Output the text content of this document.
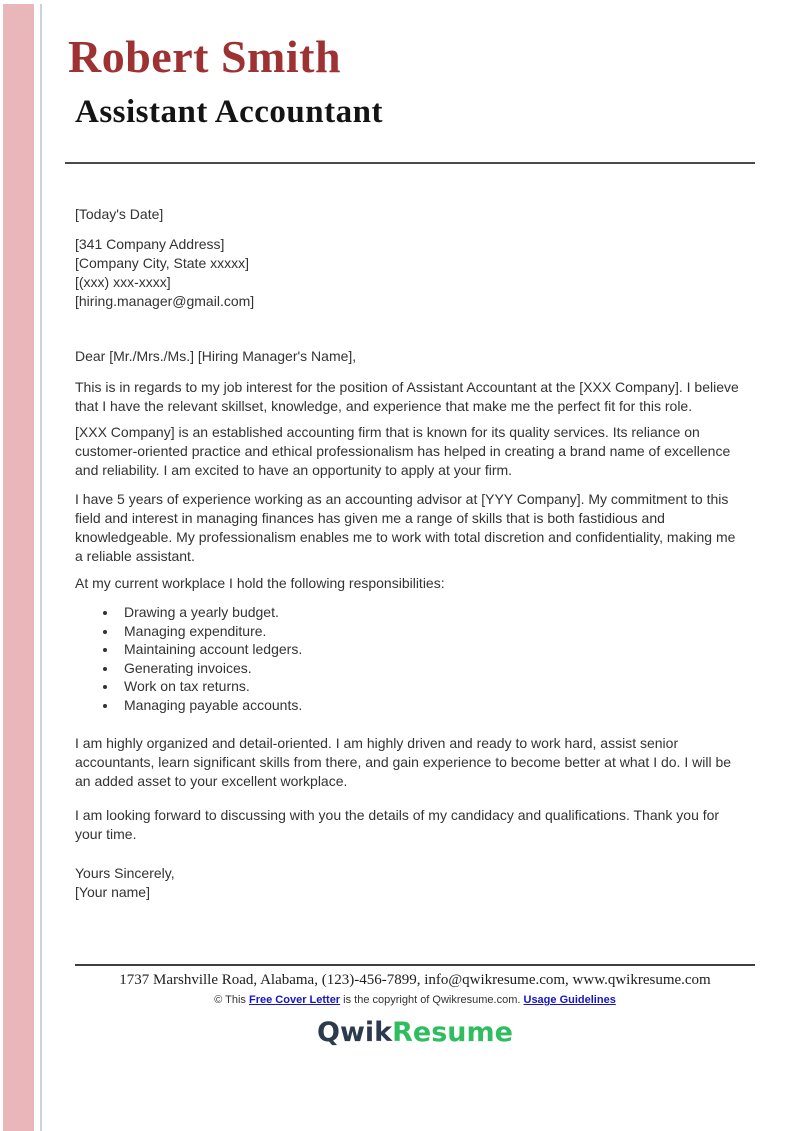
Robert Smith
Assistant Accountant
[Today's Date]
[341 Company Address]
[Company City, State xxxxx]
[(xxx) xxx-xxxx]
[hiring.manager@gmail.com]
Dear [Mr./Mrs./Ms.] [Hiring Manager's Name],

This is in regards to my job interest for the position of Assistant Accountant at the [XXX Company]. I believe that I have the relevant skillset, knowledge, and experience that make me the perfect fit for this role.

[XXX Company] is an established accounting firm that is known for its quality services. Its reliance on customer-oriented practice and ethical professionalism has helped in creating a brand name of excellence and reliability. I am excited to have an opportunity to apply at your firm.

I have 5 years of experience working as an accounting advisor at [YYY Company]. My commitment to this field and interest in managing finances has given me a range of skills that is both fastidious and knowledgeable. My professionalism enables me to work with total discretion and confidentiality, making me a reliable assistant.

At my current workplace I hold the following responsibilities:
• Drawing a yearly budget.
• Managing expenditure.
• Maintaining account ledgers.
• Generating invoices.
• Work on tax returns.
• Managing payable accounts.

I am highly organized and detail-oriented. I am highly driven and ready to work hard, assist senior accountants, learn significant skills from there, and gain experience to become better at what I do. I will be an added asset to your excellent workplace.

I am looking forward to discussing with you the details of my candidacy and qualifications. Thank you for your time.

Yours Sincerely,
[Your name]
1737 Marshville Road, Alabama, (123)-456-7899, info@qwikresume.com, www.qwikresume.com
© This Free Cover Letter is the copyright of Qwikresume.com. Usage Guidelines
QwikResume
